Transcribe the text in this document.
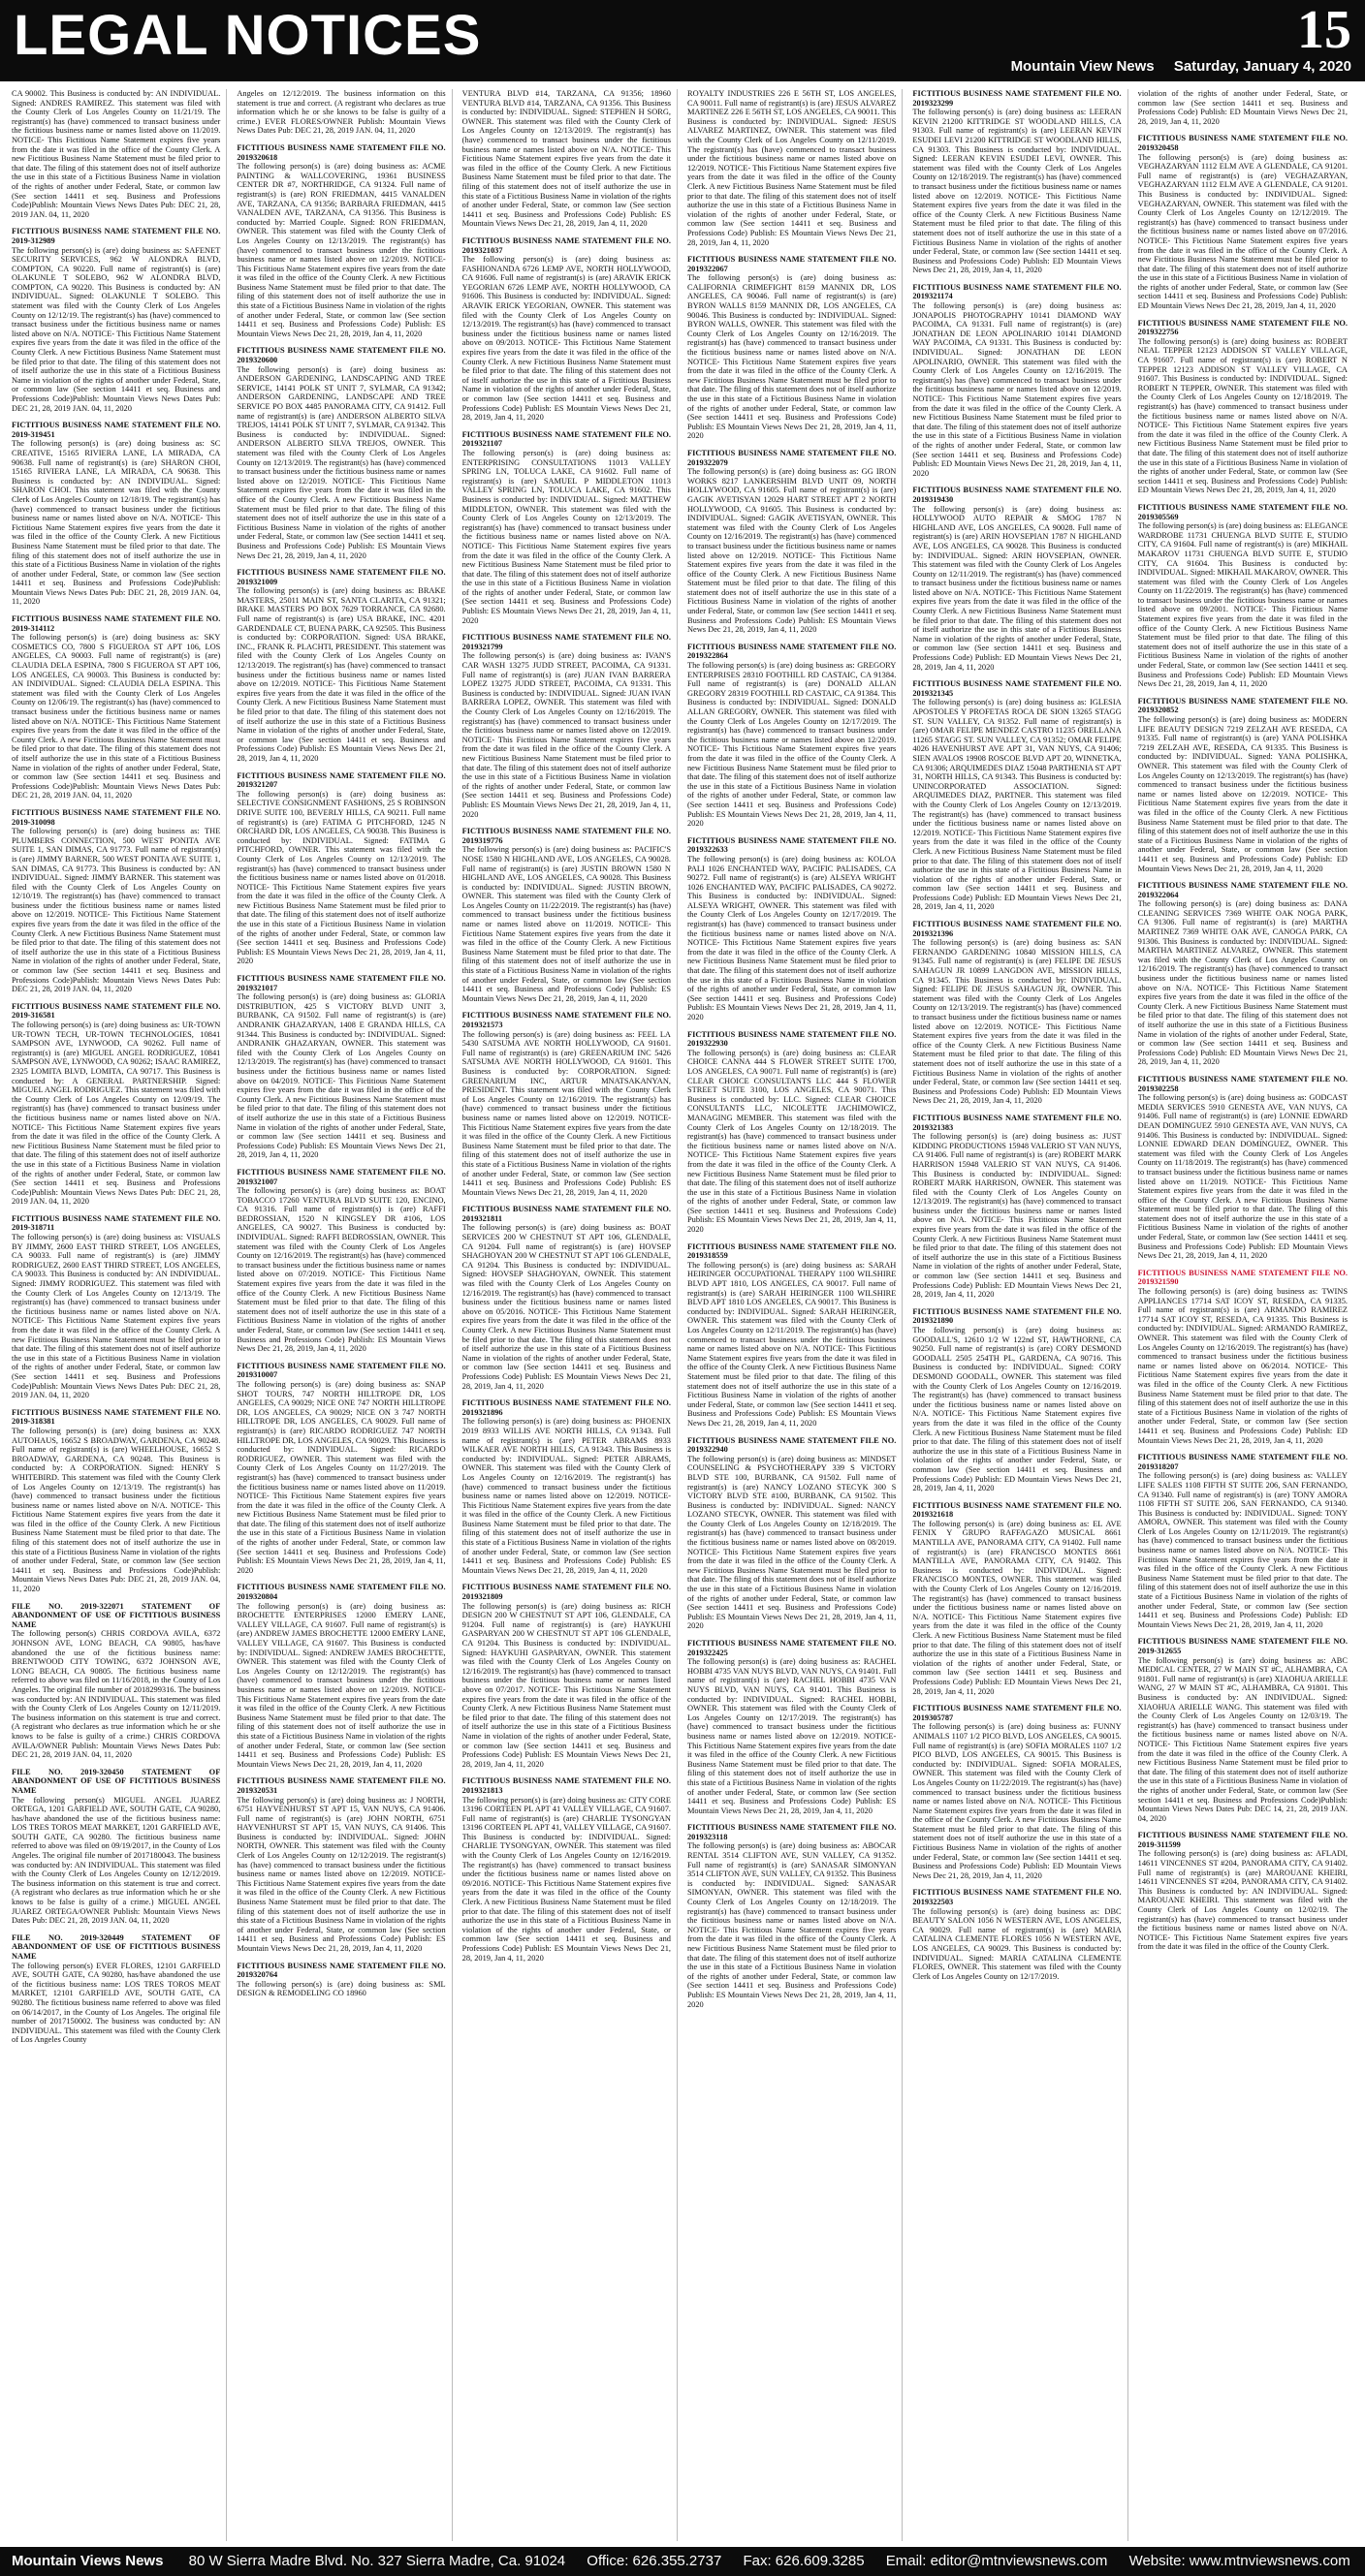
LEGAL NOTICES	15
Mountain View News Saturday, January 4, 2020
CA 90002. This Business is conducted by: AN INDIVIDUAL. Signed: ANDRES RAMIREZ. This statement was filed with the County Clerk of Los Angeles County on 11/21/19. The registrant(s) has (have) commenced to transact business under the fictitious business name or names listed above on 11/2019. NOTICE- This Fictitious Name Statement expires five years from the date it was filed in the office of the County Clerk. A new Fictitious Business Name Statement must be filed prior to that date. The filing of this statement does not of itself authorize the use in this state of a Fictitious Business Name in violation of the rights of another under Federal, State, or common law (See section 14411 et seq. Business and Professions Code)Publish: Mountain Views News Dates Pub: DEC 21, 28, 2019 JAN. 04, 11, 2020
FICTITIOUS BUSINESS NAME STATEMENT FILE NO. 2019-312989
The following person(s) is (are) doing business as: SAFENET SECURITY SERVICES, 962 W ALONDRA BLVD, COMPTON, CA 90220. Full name of registrant(s) is (are) OLAKUNLE T SOLEBO, 962 W ALONDRA BLVD, COMPTON, CA 90220. This Business is conducted by: AN INDIVIDUAL. Signed: OLAKUNLE T SOLEBO. This statement was filed with the County Clerk of Los Angeles County on 12/12/19. The registrant(s) has (have) commenced to transact business under the fictitious business name or names listed above on N/A. NOTICE- This Fictitious Name Statement expires five years from the date it was filed in the office of the County Clerk. A new Fictitious Business Name Statement must be filed prior to that date. The filing of this statement does not of itself authorize the use in this state of a Fictitious Business Name in violation of the rights of another under Federal, State, or common law (See section 14411 et seq. Business and Professions Code)Publish: Mountain Views News Dates Pub: DEC 21, 28, 2019 JAN. 04, 11, 2020
FICTITIOUS BUSINESS NAME STATEMENT FILE NO. 2019-319451
The following person(s) is (are) doing business as: SC CREATIVE, 15165 RIVIERA LANE, LA MIRADA, CA 90638. Full name of registrant(s) is (are) SHARON CHOI, 15165 RIVIERA LANE, LA MIRADA, CA 90638. This Business is conducted by: AN INDIVIDUAL. Signed: SHARON CHOI. This statement was filed with the County Clerk of Los Angeles County on 12/18/19. The registrant(s) has (have) commenced to transact business under the fictitious business name or names listed above on N/A. NOTICE- This Fictitious Name Statement expires five years from the date it was filed in the office of the County Clerk. A new Fictitious Business Name Statement must be filed prior to that date. The filing of this statement does not of itself authorize the use in this state of a Fictitious Business Name in violation of the rights of another under Federal, State, or common law (See section 14411 et seq. Business and Professions Code)Publish: Mountain Views News Dates Pub: DEC 21, 28, 2019 JAN. 04, 11, 2020
FICTITIOUS BUSINESS NAME STATEMENT FILE NO. 2019-314112
The following person(s) is (are) doing business as: SKY COSMETICS CO, 7800 S FIGUEROA ST APT 106, LOS ANGELES, CA 90003. Full name of registrant(s) is (are) CLAUDIA DELA ESPINA, 7800 S FIGUEROA ST APT 106, LOS ANGELES, CA 90003. This Business is conducted by: AN INDIVIDUAL. Signed: CLAUDIA DELA ESPINA. This statement was filed with the County Clerk of Los Angeles County on 12/06/19. The registrant(s) has (have) commenced to transact business under the fictitious business name or names listed above on N/A. NOTICE- This Fictitious Name Statement expires five years from the date it was filed in the office of the County Clerk. A new Fictitious Business Name Statement must be filed prior to that date. The filing of this statement does not of itself authorize the use in this state of a Fictitious Business Name in violation of the rights of another under Federal, State, or common law (See section 14411 et seq. Business and Professions Code)Publish: Mountain Views News Dates Pub: DEC 21, 28, 2019 JAN. 04, 11, 2020
FICTITIOUS BUSINESS NAME STATEMENT FILE NO. 2019-310098
The following person(s) is (are) doing business as: THE PLUMBERS CONNECTION, 500 WEST PONITA AVE SUITE 1, SAN DIMAS, CA 91773. Full name of registrant(s) is (are) JIMMY BARNER, 500 WEST PONITA AVE SUITE 1, SAN DIMAS, CA 91773. This Business is conducted by: AN INDIVIDUAL. Signed: JIMMY BARNER. This statement was filed with the County Clerk of Los Angeles County on 12/10/19. The registrant(s) has (have) commenced to transact business under the fictitious business name or names listed above on 12/2019. NOTICE- This Fictitious Name Statement expires five years from the date it was filed in the office of the County Clerk. A new Fictitious Business Name Statement must be filed prior to that date. The filing of this statement does not of itself authorize the use in this state of a Fictitious Business Name in violation of the rights of another under Federal, State, or common law (See section 14411 et seq. Business and Professions Code)Publish: Mountain Views News Dates Pub: DEC 21, 28, 2019 JAN. 04, 11, 2020
FICTITIOUS BUSINESS NAME STATEMENT FILE NO. 2019-316581
The following person(s) is (are) doing business as: UR-TOWN UR-TOWN TECH, UR-TOWN TECHNOLOGIES, 10841 SAMPSON AVE, LYNWOOD, CA 90262. Full name of registrant(s) is (are) MIGUEL ANGEL RODRIGUEZ, 10841 SAMPSON AVE, LYNWOOD, CA 90262; ISAAC RAMIREZ, 2325 LOMITA BLVD, LOMITA, CA 90717. This Business is conducted by: A GENERAL PARTNERSHIP. Signed: MIGUEL ANGEL RODRIGUEZ. This statement was filed with the County Clerk of Los Angeles County on 12/09/19. The registrant(s) has (have) commenced to transact business under the fictitious business name or names listed above on N/A. NOTICE- This Fictitious Name Statement expires five years from the date it was filed in the office of the County Clerk. A new Fictitious Business Name Statement must be filed prior to that date. The filing of this statement does not of itself authorize the use in this state of a Fictitious Business Name in violation of the rights of another under Federal, State, or common law (See section 14411 et seq. Business and Professions Code)Publish: Mountain Views News Dates Pub: DEC 21, 28, 2019 JAN. 04, 11, 2020
FICTITIOUS BUSINESS NAME STATEMENT FILE NO. 2019-318711
The following person(s) is (are) doing business as: VISUALS BY JIMMY, 2600 EAST THIRD STREET, LOS ANGELES, CA 90033. Full name of registrant(s) is (are) JIMMY RODRIGUEZ, 2600 EAST THIRD STREET, LOS ANGELES, CA 90033. This Business is conducted by: AN INDIVIDUAL. Signed: JIMMY RODRIGUEZ. This statement was filed with the County Clerk of Los Angeles County on 12/13/19. The registrant(s) has (have) commenced to transact business under the fictitious business name or names listed above on N/A. NOTICE- This Fictitious Name Statement expires five years from the date it was filed in the office of the County Clerk. A new Fictitious Business Name Statement must be filed prior to that date. The filing of this statement does not of itself authorize the use in this state of a Fictitious Business Name in violation of the rights of another under Federal, State, or common law (See section 14411 et seq. Business and Professions Code)Publish: Mountain Views News Dates Pub: DEC 21, 28, 2019 JAN. 04, 11, 2020
FICTITIOUS BUSINESS NAME STATEMENT FILE NO. 2019-318381
The following person(s) is (are) doing business as: XXX AUTOHAUS, 16652 S BROADWAY, GARDENA, CA 90248. Full name of registrant(s) is (are) WHEELHOUSE, 16652 S BROADWAY, GARDENA, CA 90248. This Business is conducted by: A CORPORATION. Signed: HENRY S WHITEBIRD. This statement was filed with the County Clerk of Los Angeles County on 12/13/19. The registrant(s) has (have) commenced to transact business under the fictitious business name or names listed above on N/A. NOTICE- This Fictitious Name Statement expires five years from the date it was filed in the office of the County Clerk. A new Fictitious Business Name Statement must be filed prior to that date. The filing of this statement does not of itself authorize the use in this state of a Fictitious Business Name in violation of the rights of another under Federal, State, or common law (See section 14411 et seq. Business and Professions Code)Publish: Mountain Views News Dates Pub: DEC 21, 28, 2019 JAN. 04, 11, 2020
FILE NO. 2019-322071 STATEMENT OF ABANDONMENT OF USE OF FICTITIOUS BUSINESS NAME
The following person(s) CHRIS CORDOVA AVILA, 6372 JOHNSON AVE, LONG BEACH, CA 90805, has/have abandoned the use of the fictitious business name: BRENTWOOD CITY TOWING, 6372 JOHNSON AVE, LONG BEACH, CA 90805. The fictitious business name referred to above was filed on 11/16/2018, in the County of Los Angeles. The original file number of 2018299316. The business was conducted by: AN INDIVIDUAL. This statement was filed with the County Clerk of Los Angeles County on 12/11/2019. The business information on this statement is true and correct. (A registrant who declares as true information which he or she knows to be false is guilty of a crime.) CHRIS CORDOVA AVILA/OWNER Publish: Mountain Views News Dates Pub: DEC 21, 28, 2019 JAN. 04, 11, 2020
FILE NO. 2019-320450 STATEMENT OF ABANDONMENT OF USE OF FICTITIOUS BUSINESS NAME
The following person(s) MIGUEL ANGEL JUAREZ ORTEGA, 1201 GARFIELD AVE, SOUTH GATE, CA 90280, has/have abandoned the use of the fictitious business name: LOS TRES TOROS MEAT MARKET, 1201 GARFIELD AVE, SOUTH GATE, CA 90280. The fictitious business name referred to above was filed on 09/19/2017, in the County of Los Angeles. The original file number of 2017180043. The business was conducted by: AN INDIVIDUAL. This statement was filed with the County Clerk of Los Angeles County on 12/12/2019. The business information on this statement is true and correct. (A registrant who declares as true information which he or she knows to be false is guilty of a crime.) MIGUEL ANGEL JUAREZ ORTEGA/OWNER Publish: Mountain Views News Dates Pub: DEC 21, 28, 2019 JAN. 04, 11, 2020
FILE NO. 2019-320449 STATEMENT OF ABANDONMENT OF USE OF FICTITIOUS BUSINESS NAME
The following person(s) EVER FLORES, 12101 GARFIELD AVE, SOUTH GATE, CA 90280, has/have abandoned the use of the fictitious business name: LOS TRES TOROS MEAT MARKET, 12101 GARFIELD AVE, SOUTH GATE, CA 90280. The fictitious business name referred to above was filed on 06/14/2017, in the County of Los Angeles. The original file number of 2017150002. The business was conducted by: AN INDIVIDUAL. This statement was filed with the County Clerk of Los Angeles County
Angeles on 12/12/2019. The business information on this statement is true and correct. (A registrant who declares as true information which he or she knows to be false is guilty of a crime.) EVER FLORES/OWNER Publish: Mountain Views News Dates Pub: DEC 21, 28, 2019 JAN. 04, 11, 2020
FICTITIOUS BUSINESS NAME STATEMENT FILE NO. 2019320618
The following person(s) is (are) doing business as: ACME PAINTING & WALLCOVERING, 19361 BUSINESS CENTER DR #7, NORTHRIDGE, CA 91324. Full name of registrant(s) is (are) RON FRIEDMAN, 4415 VANALDEN AVE, TARZANA, CA 91356; BARBARA FRIEDMAN, 4415 VANALDEN AVE, TARZANA, CA 91356. This Business is conducted by: Married Couple. Signed: RON FRIEDMAN, OWNER. This statement was filed with the County Clerk of Los Angeles County on 12/13/2019. The registrant(s) has (have) commenced to transact business under the fictitious business name or names listed above on 12/2019. NOTICE- This Fictitious Name Statement expires five years from the date it was filed in the office of the County Clerk. A new Fictitious Business Name Statement must be filed prior to that date. The filing of this statement does not of itself authorize the use in this state of a Fictitious Business Name in violation of the rights of another under Federal, State, or common law (See section 14411 et seq. Business and Professions Code) Publish: ES Mountain Views News Dec 21, 28, 2019, Jan 4, 11, 2020
FICTITIOUS BUSINESS NAME STATEMENT FILE NO. 2019320600
The following person(s) is (are) doing business as: ANDERSON GARDENING, LANDSCAPING AND TREE SERVICE, 14141 POLK ST UNIT 7, SYLMAR, CA 91342; ANDERSON GARDENING, LANDSCAPE AND TREE SERVICE PO BOX 4485 PANORAMA CITY, CA 91412. Full name of registrant(s) is (are) ANDERSON ALBERTO SILVA TREJOS, 14141 POLK ST UNIT 7, SYLMAR, CA 91342. This Business is conducted by: INDIVIDUAL. Signed: ANDERSON ALBERTO SILVA TREJOS, OWNER. This statement was filed with the County Clerk of Los Angeles County on 12/13/2019. The registrant(s) has (have) commenced to transact business under the fictitious business name or names listed above on 12/2019. NOTICE- This Fictitious Name Statement expires five years from the date it was filed in the office of the County Clerk. A new Fictitious Business Name Statement must be filed prior to that date. The filing of this statement does not of itself authorize the use in this state of a Fictitious Business Name in violation of the rights of another under Federal, State, or common law (See section 14411 et seq. Business and Professions Code) Publish: ES Mountain Views News Dec 21, 28, 2019, Jan 4, 11, 2020
FICTITIOUS BUSINESS NAME STATEMENT FILE NO. 2019321009
The following person(s) is (are) doing business as: BRAKE MASTERS, 25011 MAIN ST, SANTA CLARITA, CA 91321; BRAKE MASTERS PO BOX 7629 TORRANCE, CA 92680. Full name of registrant(s) is (are) USA BRAKE, INC. 4201 GARDENDALE CT, BUENA PARK, CA 92505. This Business is conducted by: CORPORATION. Signed: USA BRAKE, INC., FRANK R. PLACHTI, PRESIDENT. This statement was filed with the County Clerk of Los Angeles County on 12/13/2019. The registrant(s) has (have) commenced to transact business under the fictitious business name or names listed above on 12/2019. NOTICE- This Fictitious Name Statement expires five years from the date it was filed in the office of the County Clerk. A new Fictitious Business Name Statement must be filed prior to that date. The filing of this statement does not of itself authorize the use in this state of a Fictitious Business Name in violation of the rights of another under Federal, State, or common law (See section 14411 et seq. Business and Professions Code) Publish: ES Mountain Views News Dec 21, 28, 2019, Jan 4, 11, 2020
FICTITIOUS BUSINESS NAME STATEMENT FILE NO. 2019321207
The following person(s) is (are) doing business as: SELECTIVE CONSIGNMENT FASHIONS, 25 S ROBINSON DRIVE SUITE 100, BEVERLY HILLS, CA 90211. Full name of registrant(s) is (are) FATIMA G PITCHFORD, 1245 N ORCHARD DR, LOS ANGELES, CA 90038. This Business is conducted by: INDIVIDUAL. Signed: FATIMA G PITCHFORD, OWNER. This statement was filed with the County Clerk of Los Angeles County on 12/13/2019. The registrant(s) has (have) commenced to transact business under the fictitious business name or names listed above on 01/2018. NOTICE- This Fictitious Name Statement expires five years from the date it was filed in the office of the County Clerk. A new Fictitious Business Name Statement must be filed prior to that date. The filing of this statement does not of itself authorize the use in this state of a Fictitious Business Name in violation of the rights of another under Federal, State, or common law (See section 14411 et seq. Business and Professions Code) Publish: ES Mountain Views News Dec 21, 28, 2019, Jan 4, 11, 2020
FICTITIOUS BUSINESS NAME STATEMENT FILE NO. 2019321017
The following person(s) is (are) doing business as: GLORIA DISTRIBUTION, 425 S VICTORY BLVD UNIT 3, BURBANK, CA 91502. Full name of registrant(s) is (are) ANDRANIK GHAZARYAN, 1408 E GRANDA HILLS, CA 91344. This Business is conducted by: INDIVIDUAL. Signed: ANDRANIK GHAZARYAN, OWNER. This statement was filed with the County Clerk of Los Angeles County on 12/13/2019. The registrant(s) has (have) commenced to transact business under the fictitious business name or names listed above on 04/2019. NOTICE- This Fictitious Name Statement expires five years from the date it was filed in the office of the County Clerk. A new Fictitious Business Name Statement must be filed prior to that date. The filing of this statement does not of itself authorize the use in this state of a Fictitious Business Name in violation of the rights of another under Federal, State, or common law (See section 14411 et seq. Business and Professions Code) Publish: ES Mountain Views News Dec 21, 28, 2019, Jan 4, 11, 2020
FICTITIOUS BUSINESS NAME STATEMENT FILE NO. 2019321007
The following person(s) is (are) doing business as: BOAT TOBACCO 17260 VENTURA BLVD SUITE 120, ENCINO, CA 91316. Full name of registrant(s) is (are) RAFFI BEDROSSIAN, 1520 N KINGSLEY DR #106, LOS ANGELES, CA 90027. This Business is conducted by: INDIVIDUAL. Signed: RAFFI BEDROSSIAN, OWNER. This statement was filed with the County Clerk of Los Angeles County on 12/16/2019. The registrant(s) has (have) commenced to transact business under the fictitious business name or names listed above on 07/2019. NOTICE- This Fictitious Name Statement expires five years from the date it was filed in the office of the County Clerk. A new Fictitious Business Name Statement must be filed prior to that date. The filing of this statement does not of itself authorize the use in this state of a Fictitious Business Name in violation of the rights of another under Federal, State, or common law (See section 14411 et seq. Business and Professions Code) Publish: ES Mountain Views News Dec 21, 28, 2019, Jan 4, 11, 2020
FICTITIOUS BUSINESS NAME STATEMENT FILE NO. 2019310007
The following person(s) is (are) doing business as: SNAP SHOT TOURS, 747 NORTH HILLTROPE DR, LOS ANGELES, CA 90029; NICE ONE 747 NORTH HILLTROPE DR, LOS ANGELES, CA 90029; NICE ON 3 747 NORTH HILLTROPE DR, LOS ANGELES, CA 90029. Full name of registrant(s) is (are) RICARDO RODRIGUEZ 747 NORTH HILLTROPE DR, LOS ANGELES, CA 90029. This Business is conducted by: INDIVIDUAL. Signed: RICARDO RODRIGUEZ, OWNER. This statement was filed with the County Clerk of Los Angeles County on 11/27/2019. The registrant(s) has (have) commenced to transact business under the fictitious business name or names listed above on 11/2019. NOTICE- This Fictitious Name Statement expires five years from the date it was filed in the office of the County Clerk. A new Fictitious Business Name Statement must be filed prior to that date. The filing of this statement does not of itself authorize the use in this state of a Fictitious Business Name in violation of the rights of another under Federal, State, or common law (See section 14411 et seq. Business and Professions Code) Publish: ES Mountain Views News Dec 21, 28, 2019, Jan 4, 11, 2020
FICTITIOUS BUSINESS NAME STATEMENT FILE NO. 2019320804
The following person(s) is (are) doing business as: BROCHETTE ENTERPRISES 12000 EMERY LANE, VALLEY VILLAGE, CA 91607. Full name of registrant(s) is (are) ANDREW JAMES BROCHETTE 12000 EMERY LANE, VALLEY VILLAGE, CA 91607. This Business is conducted by: INDIVIDUAL. Signed: ANDREW JAMES BROCHETTE, OWNER. This statement was filed with the County Clerk of Los Angeles County on 12/12/2019. The registrant(s) has (have) commenced to transact business under the fictitious business name or names listed above on 12/2019. NOTICE- This Fictitious Name Statement expires five years from the date it was filed in the office of the County Clerk. A new Fictitious Business Name Statement must be filed prior to that date. The filing of this statement does not of itself authorize the use in this state of a Fictitious Business Name in violation of the rights of another under Federal, State, or common law (See section 14411 et seq. Business and Professions Code) Publish: ES Mountain Views News Dec 21, 28, 2019, Jan 4, 11, 2020
FICTITIOUS BUSINESS NAME STATEMENT FILE NO. 2019320531
The following person(s) is (are) doing business as: J NORTH, 6751 HAYVENHURST ST APT 15, VAN NUYS, CA 91406. Full name of registrant(s) is (are) JOHN NORTH, 6751 HAYVENHURST ST APT 15, VAN NUYS, CA 91406. This Business is conducted by: INDIVIDUAL. Signed: JOHN NORTH, OWNER. This statement was filed with the County Clerk of Los Angeles County on 12/12/2019. The registrant(s) has (have) commenced to transact business under the fictitious business name or names listed above on 12/2019. NOTICE- This Fictitious Name Statement expires five years from the date it was filed in the office of the County Clerk. A new Fictitious Business Name Statement must be filed prior to that date. The filing of this statement does not of itself authorize the use in this state of a Fictitious Business Name in violation of the rights of another under Federal, State, or common law (See section 14411 et seq. Business and Professions Code) Publish: ES Mountain Views News Dec 21, 28, 2019, Jan 4, 11, 2020
FICTITIOUS BUSINESS NAME STATEMENT FILE NO. 2019320764
The following person(s) is (are) doing business as: SML DESIGN & REMODELING CO 18960
VENTURA BLVD #14, TARZANA, CA 91356; 18960 VENTURA BLVD #14, TARZANA, CA 91356. This Business is conducted by: INDIVIDUAL. Signed: STEPHEN H SORG, OWNER. This statement was filed with the County Clerk of Los Angeles County on 12/13/2019. The registrant(s) has (have) commenced to transact business under the fictitious business name or names listed above on N/A. NOTICE- This Fictitious Name Statement expires five years from the date it was filed in the office of the County Clerk. A new Fictitious Business Name Statement must be filed prior to that date. The filing of this statement does not of itself authorize the use in this state of a Fictitious Business Name in violation of the rights of another under Federal, State, or common law (See section 14411 et seq. Business and Professions Code) Publish: ES Mountain Views News Dec 21, 28, 2019, Jan 4, 11, 2020
FICTITIOUS BUSINESS NAME STATEMENT FILE NO. 2019321037
The following person(s) is (are) doing business as: FASHIONANDA 6726 LEMP AVE, NORTH HOLLYWOOD, CA 91606. Full name of registrant(s) is (are) ARAVIK ERICK YEGORIAN 6726 LEMP AVE, NORTH HOLLYWOOD, CA 91606. This Business is conducted by: INDIVIDUAL. Signed: ARAVIK ERICK YEGORIAN, OWNER. This statement was filed with the County Clerk of Los Angeles County on 12/13/2019. The registrant(s) has (have) commenced to transact business under the fictitious business name or names listed above on 09/2013. NOTICE- This Fictitious Name Statement expires five years from the date it was filed in the office of the County Clerk. A new Fictitious Business Name Statement must be filed prior to that date. The filing of this statement does not of itself authorize the use in this state of a Fictitious Business Name in violation of the rights of another under Federal, State, or common law (See section 14411 et seq. Business and Professions Code) Publish: ES Mountain Views News Dec 21, 28, 2019, Jan 4, 11, 2020
FICTITIOUS BUSINESS NAME STATEMENT FILE NO. 2019321107
The following person(s) is (are) doing business as: ENTERPRISING CONSULTATIONS 11013 VALLEY SPRING LN, TOLUCA LAKE, CA 91602. Full name of registrant(s) is (are) SAMUEL P MIDDLETON 11013 VALLEY SPRING LN, TOLUCA LAKE, CA 91602. This Business is conducted by: INDIVIDUAL. Signed: MATTHEW MIDDLETON, OWNER. This statement was filed with the County Clerk of Los Angeles County on 12/13/2019. The registrant(s) has (have) commenced to transact business under the fictitious business name or names listed above on N/A. NOTICE- This Fictitious Name Statement expires five years from the date it was filed in the office of the County Clerk. A new Fictitious Business Name Statement must be filed prior to that date. The filing of this statement does not of itself authorize the use in this state of a Fictitious Business Name in violation of the rights of another under Federal, State, or common law (See section 14411 et seq. Business and Professions Code) Publish: ES Mountain Views News Dec 21, 28, 2019, Jan 4, 11, 2020
FICTITIOUS BUSINESS NAME STATEMENT FILE NO. 2019321799
The following person(s) is (are) doing business as: IVAN'S CAR WASH 13275 JUDD STREET, PACOIMA, CA 91331. Full name of registrant(s) is (are) JUAN IVAN BARRERA LOPEZ 13275 JUDD STREET, PACOIMA, CA 91331. This Business is conducted by: INDIVIDUAL. Signed: JUAN IVAN BARRERA LOPEZ, OWNER. This statement was filed with the County Clerk of Los Angeles County on 12/16/2019. The registrant(s) has (have) commenced to transact business under the fictitious business name or names listed above on 12/2019. NOTICE- This Fictitious Name Statement expires five years from the date it was filed in the office of the County Clerk. A new Fictitious Business Name Statement must be filed prior to that date. The filing of this statement does not of itself authorize the use in this state of a Fictitious Business Name in violation of the rights of another under Federal, State, or common law (See section 14411 et seq. Business and Professions Code) Publish: ES Mountain Views News Dec 21, 28, 2019, Jan 4, 11, 2020
FICTITIOUS BUSINESS NAME STATEMENT FILE NO. 2019319776
The following person(s) is (are) doing business as: PACIFIC'S NOSE 1580 N HIGHLAND AVE, LOS ANGELES, CA 90028. Full name of registrant(s) is (are) JUSTIN BROWN 1580 N HIGHLAND AVE, LOS ANGELES, CA 90028. This Business is conducted by: INDIVIDUAL. Signed: JUSTIN BROWN, OWNER. This statement was filed with the County Clerk of Los Angeles County on 11/22/2019. The registrant(s) has (have) commenced to transact business under the fictitious business name or names listed above on 11/2019. NOTICE- This Fictitious Name Statement expires five years from the date it was filed in the office of the County Clerk. A new Fictitious Business Name Statement must be filed prior to that date. The filing of this statement does not of itself authorize the use in this state of a Fictitious Business Name in violation of the rights of another under Federal, State, or common law (See section 14411 et seq. Business and Professions Code) Publish: ES Mountain Views News Dec 21, 28, 2019, Jan 4, 11, 2020
FICTITIOUS BUSINESS NAME STATEMENT FILE NO. 2019321573
The following person(s) is (are) doing business as: FEEL LA 5430 SATSUMA AVE NORTH HOLLYWOOD, CA 91601. Full name of registrant(s) is (are) GREENARIUM INC 5426 SATSUMA AVE NORTH HOLLYWOOD, CA 91601. This Business is conducted by: CORPORATION. Signed: GREENARIUM INC, ARTUR MNATSAKANYAN, PRESIDENT. This statement was filed with the County Clerk of Los Angeles County on 12/16/2019. The registrant(s) has (have) commenced to transact business under the fictitious business name or names listed above on 12/2019. NOTICE- This Fictitious Name Statement expires five years from the date it was filed in the office of the County Clerk. A new Fictitious Business Name Statement must be filed prior to that date. The filing of this statement does not of itself authorize the use in this state of a Fictitious Business Name in violation of the rights of another under Federal, State, or common law (See section 14411 et seq. Business and Professions Code) Publish: ES Mountain Views News Dec 21, 28, 2019, Jan 4, 11, 2020
FICTITIOUS BUSINESS NAME STATEMENT FILE NO. 2019321811
The following person(s) is (are) doing business as: BOAT SERVICES 200 W CHESTNUT ST APT 106, GLENDALE, CA 91204. Full name of registrant(s) is (are) HOVSEP SHAGHOYAN 200 W CHESTNUT ST APT 106 GLENDALE, CA 91204. This Business is conducted by: INDIVIDUAL. Signed: HOVSEP SHAGHOYAN, OWNER. This statement was filed with the County Clerk of Los Angeles County on 12/16/2019. The registrant(s) has (have) commenced to transact business under the fictitious business name or names listed above on 05/2016. NOTICE- This Fictitious Name Statement expires five years from the date it was filed in the office of the County Clerk. A new Fictitious Business Name Statement must be filed prior to that date. The filing of this statement does not of itself authorize the use in this state of a Fictitious Business Name in violation of the rights of another under Federal, State, or common law (See section 14411 et seq. Business and Professions Code) Publish: ES Mountain Views News Dec 21, 28, 2019, Jan 4, 11, 2020
FICTITIOUS BUSINESS NAME STATEMENT FILE NO. 2019321896
The following person(s) is (are) doing business as: PHOENIX 2019 8933 WILLIS AVE NORTH HILLS, CA 91343. Full name of registrant(s) is (are) PETER ABRAMS 8933 WILKAER AVE NORTH HILLS, CA 91343. This Business is conducted by: INDIVIDUAL. Signed: PETER ABRAMS, OWNER. This statement was filed with the County Clerk of Los Angeles County on 12/16/2019. The registrant(s) has (have) commenced to transact business under the fictitious business name or names listed above on 12/2019. NOTICE- This Fictitious Name Statement expires five years from the date it was filed in the office of the County Clerk. A new Fictitious Business Name Statement must be filed prior to that date. The filing of this statement does not of itself authorize the use in this state of a Fictitious Business Name in violation of the rights of another under Federal, State, or common law (See section 14411 et seq. Business and Professions Code) Publish: ES Mountain Views News Dec 21, 28, 2019, Jan 4, 11, 2020
FICTITIOUS BUSINESS NAME STATEMENT FILE NO. 2019321809
The following person(s) is (are) doing business as: RICH DESIGN 200 W CHESTNUT ST APT 106, GLENDALE, CA 91204. Full name of registrant(s) is (are) HAYKUHI GASPARYAN 200 W CHESTNUT ST APT 106 GLENDALE, CA 91204. This Business is conducted by: INDIVIDUAL. Signed: HAYKUHI GASPARYAN, OWNER. This statement was filed with the County Clerk of Los Angeles County on 12/16/2019. The registrant(s) has (have) commenced to transact business under the fictitious business name or names listed above on 07/2017. NOTICE- This Fictitious Name Statement expires five years from the date it was filed in the office of the County Clerk. A new Fictitious Business Name Statement must be filed prior to that date. The filing of this statement does not of itself authorize the use in this state of a Fictitious Business Name in violation of the rights of another under Federal, State, or common law (See section 14411 et seq. Business and Professions Code) Publish: ES Mountain Views News Dec 21, 28, 2019, Jan 4, 11, 2020
FICTITIOUS BUSINESS NAME STATEMENT FILE NO. 2019321813
The following person(s) is (are) doing business as: CITY CORE 13196 CORTEEN PL APT 41 VALLEY VILLAGE, CA 91607. Full name of registrant(s) is (are) CHARLIE TYSONGYAN 13196 CORTEEN PL APT 41, VALLEY VILLAGE, CA 91607. This Business is conducted by: INDIVIDUAL. Signed: CHARLIE TYSONGYAN, OWNER. This statement was filed with the County Clerk of Los Angeles County on 12/16/2019. The registrant(s) has (have) commenced to transact business under the fictitious business name or names listed above on 09/2016. NOTICE- This Fictitious Name Statement expires five years from the date it was filed in the office of the County Clerk. A new Fictitious Business Name Statement must be filed prior to that date. The filing of this statement does not of itself authorize the use in this state of a Fictitious Business Name in violation of the rights of another under Federal, State, or common law (See section 14411 et seq. Business and Professions Code) Publish: ES Mountain Views News Dec 21, 28, 2019, Jan 4, 11, 2020
ROYALTY INDUSTRIES 226 E 56TH ST, LOS ANGELES, CA 90011. Full name of registrant(s) is (are) JESUS ALVAREZ MARTINEZ 226 E 56TH ST, LOS ANGELES, CA 90011. This Business is conducted by: INDIVIDUAL. Signed: JESUS ALVAREZ MARTINEZ, OWNER. This statement was filed with the County Clerk of Los Angeles County on 12/11/2019. The registrant(s) has (have) commenced to transact business under the fictitious business name or names listed above on 12/2019. NOTICE- This Fictitious Name Statement expires five years from the date it was filed in the office of the County Clerk. A new Fictitious Business Name Statement must be filed prior to that date. The filing of this statement does not of itself authorize the use in this state of a Fictitious Business Name in violation of the rights of another under Federal, State, or common law (See section 14411 et seq. Business and Professions Code) Publish: ES Mountain Views News Dec 21, 28, 2019, Jan 4, 11, 2020
FICTITIOUS BUSINESS NAME STATEMENT FILE NO. 2019322067
The following person(s) is (are) doing business as: CALIFORNIA CRIMEFIGHT 8159 MANNIX DR, LOS ANGELES, CA 90046. Full name of registrant(s) is (are) BYRON WALLS 8159 MANNIX DR, LOS ANGELES, CA 90046. This Business is conducted by: INDIVIDUAL. Signed: BYRON WALLS, OWNER. This statement was filed with the County Clerk of Los Angeles County on 12/16/2019. The registrant(s) has (have) commenced to transact business under the fictitious business name or names listed above on N/A. NOTICE- This Fictitious Name Statement expires five years from the date it was filed in the office of the County Clerk. A new Fictitious Business Name Statement must be filed prior to that date. The filing of this statement does not of itself authorize the use in this state of a Fictitious Business Name in violation of the rights of another under Federal, State, or common law (See section 14411 et seq. Business and Professions Code) Publish: ES Mountain Views News Dec 21, 28, 2019, Jan 4, 11, 2020
FICTITIOUS BUSINESS NAME STATEMENT FILE NO. 2019322079
The following person(s) is (are) doing business as: GG IRON WORKS 8217 LANKERSHIM BLVD UNIT 09, NORTH HOLLYWOOD, CA 91605. Full name of registrant(s) is (are) GAGIK AVETISYAN 12029 HART STREET APT 2 NORTH HOLLYWOOD, CA 91605. This Business is conducted by: INDIVIDUAL. Signed: GAGIK AVETISYAN, OWNER. This statement was filed with the County Clerk of Los Angeles County on 12/16/2019. The registrant(s) has (have) commenced to transact business under the fictitious business name or names listed above on 12/2019. NOTICE- This Fictitious Name Statement expires five years from the date it was filed in the office of the County Clerk. A new Fictitious Business Name Statement must be filed prior to that date. The filing of this statement does not of itself authorize the use in this state of a Fictitious Business Name in violation of the rights of another under Federal, State, or common law (See section 14411 et seq. Business and Professions Code) Publish: ES Mountain Views News Dec 21, 28, 2019, Jan 4, 11, 2020
FICTITIOUS BUSINESS NAME STATEMENT FILE NO. 2019322864
The following person(s) is (are) doing business as: GREGORY ENTERPRISES 28310 FOOTHILL RD CASTAIC, CA 91384. Full name of registrant(s) is (are) DONALD ALLAN GREGORY 28319 FOOTHILL RD CASTAIC, CA 91384. This Business is conducted by: INDIVIDUAL. Signed: DONALD ALLAN GREGORY, OWNER. This statement was filed with the County Clerk of Los Angeles County on 12/17/2019. The registrant(s) has (have) commenced to transact business under the fictitious business name or names listed above on 12/2019. NOTICE- This Fictitious Name Statement expires five years from the date it was filed in the office of the County Clerk. A new Fictitious Business Name Statement must be filed prior to that date. The filing of this statement does not of itself authorize the use in this state of a Fictitious Business Name in violation of the rights of another under Federal, State, or common law (See section 14411 et seq. Business and Professions Code) Publish: ES Mountain Views News Dec 21, 28, 2019, Jan 4, 11, 2020
FICTITIOUS BUSINESS NAME STATEMENT FILE NO. 2019322633
The following person(s) is (are) doing business as: KOLOA PALI 1026 ENCHANTED WAY, PACIFIC PALISADES, CA 90272. Full name of registrant(s) is (are) ALSEYA WRIGHT 1026 ENCHANTED WAY, PACIFIC PALISADES, CA 90272. This Business is conducted by: INDIVIDUAL. Signed: ALSEYA WRIGHT, OWNER. This statement was filed with the County Clerk of Los Angeles County on 12/17/2019. The registrant(s) has (have) commenced to transact business under the fictitious business name or names listed above on N/A. NOTICE- This Fictitious Name Statement expires five years from the date it was filed in the office of the County Clerk. A new Fictitious Business Name Statement must be filed prior to that date. The filing of this statement does not of itself authorize the use in this state of a Fictitious Business Name in violation of the rights of another under Federal, State, or common law (See section 14411 et seq. Business and Professions Code) Publish: ES Mountain Views News Dec 21, 28, 2019, Jan 4, 11, 2020
FICTITIOUS BUSINESS NAME STATEMENT FILE NO. 2019322930
The following person(s) is (are) doing business as: CLEAR CHOICE CANNA 444 S FLOWER STREET SUITE 1700, LOS ANGELES, CA 90071. Full name of registrant(s) is (are) CLEAR CHOICE CONSULTANTS LLC 444 S FLOWER STREET SUITE 3100, LOS ANGELES, CA 90071. This Business is conducted by: LLC. Signed: CLEAR CHOICE CONSULTANTS LLC, NICOLETTE JACHIMOWICZ, MANAGING MEMBER. This statement was filed with the County Clerk of Los Angeles County on 12/18/2019. The registrant(s) has (have) commenced to transact business under the fictitious business name or names listed above on N/A. NOTICE- This Fictitious Name Statement expires five years from the date it was filed in the office of the County Clerk. A new Fictitious Business Name Statement must be filed prior to that date. The filing of this statement does not of itself authorize the use in this state of a Fictitious Business Name in violation of the rights of another under Federal, State, or common law (See section 14411 et seq. Business and Professions Code) Publish: ES Mountain Views News Dec 21, 28, 2019, Jan 4, 11, 2020
FICTITIOUS BUSINESS NAME STATEMENT FILE NO. 2019318559
The following person(s) is (are) doing business as: SARAH HEIRINGER OCCUPATIONAL THERAPY 1100 WILSHIRE BLVD APT 1810, LOS ANGELES, CA 90017. Full name of registrant(s) is (are) SARAH HEIRINGER 1100 WILSHIRE BLVD APT 1810 LOS ANGELES, CA 90017. This Business is conducted by: INDIVIDUAL. Signed: SARAH HEIRINGER, OWNER. This statement was filed with the County Clerk of Los Angeles County on 12/11/2019. The registrant(s) has (have) commenced to transact business under the fictitious business name or names listed above on N/A. NOTICE- This Fictitious Name Statement expires five years from the date it was filed in the office of the County Clerk. A new Fictitious Business Name Statement must be filed prior to that date. The filing of this statement does not of itself authorize the use in this state of a Fictitious Business Name in violation of the rights of another under Federal, State, or common law (See section 14411 et seq. Business and Professions Code) Publish: ES Mountain Views News Dec 21, 28, 2019, Jan 4, 11, 2020
FICTITIOUS BUSINESS NAME STATEMENT FILE NO. 2019322940
The following person(s) is (are) doing business as: MINDSET COUNSELING & PSYCHOTHERAPY 339 S VICTORY BLVD STE 100, BURBANK, CA 91502. Full name of registrant(s) is (are) NANCY LOZANO STECYK 300 S VICTORY BLVD STE #100, BURBANK, CA 91502. This Business is conducted by: INDIVIDUAL. Signed: NANCY LOZANO STECYK, OWNER. This statement was filed with the County Clerk of Los Angeles County on 12/18/2019. The registrant(s) has (have) commenced to transact business under the fictitious business name or names listed above on 08/2019. NOTICE- This Fictitious Name Statement expires five years from the date it was filed in the office of the County Clerk. A new Fictitious Business Name Statement must be filed prior to that date. The filing of this statement does not of itself authorize the use in this state of a Fictitious Business Name in violation of the rights of another under Federal, State, or common law (See section 14411 et seq. Business and Professions Code) Publish: ES Mountain Views News Dec 21, 28, 2019, Jan 4, 11, 2020
FICTITIOUS BUSINESS NAME STATEMENT FILE NO. 2019322425
The following person(s) is (are) doing business as: RACHEL HOBBI 4735 VAN NUYS BLVD, VAN NUYS, CA 91401. Full name of registrant(s) is (are) RACHEL HOBBI 4735 VAN NUYS BLVD, VAN NUYS, CA 91401. This Business is conducted by: INDIVIDUAL. Signed: RACHEL HOBBI, OWNER. This statement was filed with the County Clerk of Los Angeles County on 12/17/2019. The registrant(s) has (have) commenced to transact business under the fictitious business name or names listed above on 12/2019. NOTICE- This Fictitious Name Statement expires five years from the date it was filed in the office of the County Clerk. A new Fictitious Business Name Statement must be filed prior to that date. The filing of this statement does not of itself authorize the use in this state of a Fictitious Business Name in violation of the rights of another under Federal, State, or common law (See section 14411 et seq. Business and Professions Code) Publish: ES Mountain Views News Dec 21, 28, 2019, Jan 4, 11, 2020
FICTITIOUS BUSINESS NAME STATEMENT FILE NO. 2019323118
The following person(s) is (are) doing business as: ABOCAR RENTAL 3514 CLIFTON AVE, SUN VALLEY, CA 91352. Full name of registrant(s) is (are) SANASAR SIMONYAN 3514 CLIFTON AVE, SUN VALLEY, CA 91352. This Business is conducted by: INDIVIDUAL. Signed: SANASAR SIMONYAN, OWNER. This statement was filed with the County Clerk of Los Angeles County on 12/18/2019. The registrant(s) has (have) commenced to transact business under the fictitious business name or names listed above on N/A. NOTICE- This Fictitious Name Statement expires five years from the date it was filed in the office of the County Clerk. A new Fictitious Business Name Statement must be filed prior to that date. The filing of this statement does not of itself authorize the use in this state of a Fictitious Business Name in violation of the rights of another under Federal, State, or common law (See section 14411 et seq. Business and Professions Code) Publish: ES Mountain Views News Dec 21, 28, 2019, Jan 4, 11, 2020
FICTITIOUS BUSINESS NAME STATEMENT FILE NO. 2019323299
The following person(s) is (are) doing business as: LEERAN KEVIN 21200 KITTRIDGE ST WOODLAND HILLS, CA 91303. Full name of registrant(s) is (are) LEERAN KEVIN ESUDEI LEVI 21200 KITTRIDGE ST WOODLAND HILLS, CA 91303. This Business is conducted by: INDIVIDUAL. Signed: LEERAN KEVIN ESUDEI LEVI, OWNER. This statement was filed with the County Clerk of Los Angeles County on 12/18/2019. The registrant(s) has (have) commenced to transact business under the fictitious business name or names listed above on 12/2019. NOTICE- This Fictitious Name Statement expires five years from the date it was filed in the office of the County Clerk. A new Fictitious Business Name Statement must be filed prior to that date. The filing of this statement does not of itself authorize the use in this state of a Fictitious Business Name in violation of the rights of another under Federal, State, or common law (See section 14411 et seq. Business and Professions Code) Publish: ED Mountain Views News Dec 21, 28, 2019, Jan 4, 11, 2020
FICTITIOUS BUSINESS NAME STATEMENT FILE NO. 2019321174
The following person(s) is (are) doing business as: JONAPOLIS PHOTOGRAPHY 10141 DIAMOND WAY PACOIMA, CA 91331. Full name of registrant(s) is (are) JONATHAN DE LEON APOLINARIO 10141 DIAMOND WAY PACOIMA, CA 91331. This Business is conducted by: INDIVIDUAL. Signed: JONATHAN DE LEON APOLINARIO, OWNER. This statement was filed with the County Clerk of Los Angeles County on 12/16/2019. The registrant(s) has (have) commenced to transact business under the fictitious business name or names listed above on 12/2019. NOTICE- This Fictitious Name Statement expires five years from the date it was filed in the office of the County Clerk. A new Fictitious Business Name Statement must be filed prior to that date. The filing of this statement does not of itself authorize the use in this state of a Fictitious Business Name in violation of the rights of another under Federal, State, or common law (See section 14411 et seq. Business and Professions Code) Publish: ED Mountain Views News Dec 21, 28, 2019, Jan 4, 11, 2020
FICTITIOUS BUSINESS NAME STATEMENT FILE NO. 2019319430
The following person(s) is (are) doing business as: HOLLYWOOD AUTO REPAIR & SMOG 1787 N HIGHLAND AVE, LOS ANGELES, CA 90028. Full name of registrant(s) is (are) ARIN HOVSEPIAN 1787 N HIGHLAND AVE, LOS ANGELES, CA 90028. This Business is conducted by: INDIVIDUAL. Signed: ARIN HOVSEPIAN, OWNER. This statement was filed with the County Clerk of Los Angeles County on 12/11/2019. The registrant(s) has (have) commenced to transact business under the fictitious business name or names listed above on N/A. NOTICE- This Fictitious Name Statement expires five years from the date it was filed in the office of the County Clerk. A new Fictitious Business Name Statement must be filed prior to that date. The filing of this statement does not of itself authorize the use in this state of a Fictitious Business Name in violation of the rights of another under Federal, State, or common law (See section 14411 et seq. Business and Professions Code) Publish: ED Mountain Views News Dec 21, 28, 2019, Jan 4, 11, 2020
FICTITIOUS BUSINESS NAME STATEMENT FILE NO. 2019321345
The following person(s) is (are) doing business as: IGLESIA APOSTOLES Y PROFETAS ROCA DE SION 13265 STAGG ST. SUN VALLEY, CA 91352. Full name of registrant(s) is (are) OMAR FELIPE MENDEZ CASTRO 11235 ORELLANA 11265 STAGG ST. SUN VALLEY, CA 91352; OMAR FELIPE 4026 HAVENHURST AVE APT 31, VAN NUYS, CA 91406; SIEN AVALOS 19908 ROSCOE BLVD APT 20, WINNETKA, CA 91306; ARQUIMEDES DIAZ 15048 PARTHENIA ST APT 31, NORTH HILLS, CA 91343. This Business is conducted by: UNINCORPORATED ASSOCIATION. Signed: ARQUIMEDES DIAZ, PARTNER. This statement was filed with the County Clerk of Los Angeles County on 12/13/2019. The registrant(s) has (have) commenced to transact business under the fictitious business name or names listed above on 12/2019. NOTICE- This Fictitious Name Statement expires five years from the date it was filed in the office of the County Clerk. A new Fictitious Business Name Statement must be filed prior to that date. The filing of this statement does not of itself authorize the use in this state of a Fictitious Business Name in violation of the rights of another under Federal, State, or common law (See section 14411 et seq. Business and Professions Code) Publish: ED Mountain Views News Dec 21, 28, 2019, Jan 4, 11, 2020
FICTITIOUS BUSINESS NAME STATEMENT FILE NO. 2019321396
The following person(s) is (are) doing business as: SAN FERNANDO GARDENING 10840 MISSION HILLS, CA 91345. Full name of registrant(s) is (are) FELIPE DE JESUS SAHAGUN JR 10899 LANGDON AVE, MISSION HILLS, CA 91345. This Business is conducted by: INDIVIDUAL. Signed: FELIPE DE JESUS SAHAGUN JR, OWNER. This statement was filed with the County Clerk of Los Angeles County on 12/13/2019. The registrant(s) has (have) commenced to transact business under the fictitious business name or names listed above on 12/2019. NOTICE- This Fictitious Name Statement expires five years from the date it was filed in the office of the County Clerk. A new Fictitious Business Name Statement must be filed prior to that date. The filing of this statement does not of itself authorize the use in this state of a Fictitious Business Name in violation of the rights of another under Federal, State, or common law (See section 14411 et seq. Business and Professions Code) Publish: ED Mountain Views News Dec 21, 28, 2019, Jan 4, 11, 2020
FICTITIOUS BUSINESS NAME STATEMENT FILE NO. 2019321383
The following person(s) is (are) doing business as: JUST KIDDING PRODUCTIONS 15948 VALERIO ST VAN NUYS, CA 91406. Full name of registrant(s) is (are) ROBERT MARK HARRISON 15948 VALERIO ST VAN NUYS, CA 91406. This Business is conducted by: INDIVIDUAL. Signed: ROBERT MARK HARRISON, OWNER. This statement was filed with the County Clerk of Los Angeles County on 12/13/2019. The registrant(s) has (have) commenced to transact business under the fictitious business name or names listed above on N/A. NOTICE- This Fictitious Name Statement expires five years from the date it was filed in the office of the County Clerk. A new Fictitious Business Name Statement must be filed prior to that date. The filing of this statement does not of itself authorize the use in this state of a Fictitious Business Name in violation of the rights of another under Federal, State, or common law (See section 14411 et seq. Business and Professions Code) Publish: ED Mountain Views News Dec 21, 28, 2019, Jan 4, 11, 2020
FICTITIOUS BUSINESS NAME STATEMENT FILE NO. 2019321890
The following person(s) is (are) doing business as: GOODALL'S, 12610 1/2 W 122nd ST, HAWTHORNE, CA 90250. Full name of registrant(s) is (are) CORY DESMOND GOODALL 2505 254TH PL, GARDENA, CA 90716. This Business is conducted by: INDIVIDUAL. Signed: CORY DESMOND GOODALL, OWNER. This statement was filed with the County Clerk of Los Angeles County on 12/16/2019. The registrant(s) has (have) commenced to transact business under the fictitious business name or names listed above on N/A. NOTICE- This Fictitious Name Statement expires five years from the date it was filed in the office of the County Clerk. A new Fictitious Business Name Statement must be filed prior to that date. The filing of this statement does not of itself authorize the use in this state of a Fictitious Business Name in violation of the rights of another under Federal, State, or common law (See section 14411 et seq. Business and Professions Code) Publish: ED Mountain Views News Dec 21, 28, 2019, Jan 4, 11, 2020
FICTITIOUS BUSINESS NAME STATEMENT FILE NO. 2019321618
The following person(s) is (are) doing business as: EL AVE FENIX Y GRUPO RAFFAGAZO MUSICAL 8661 MANTILLA AVE, PANORAMA CITY, CA 91402. Full name of registrant(s) is (are) FRANCISCO MONTES 8661 MANTILLA AVE, PANORAMA CITY, CA 91402. This Business is conducted by: INDIVIDUAL. Signed: FRANCISCO MONTES, OWNER. This statement was filed with the County Clerk of Los Angeles County on 12/16/2019. The registrant(s) has (have) commenced to transact business under the fictitious business name or names listed above on N/A. NOTICE- This Fictitious Name Statement expires five years from the date it was filed in the office of the County Clerk. A new Fictitious Business Name Statement must be filed prior to that date. The filing of this statement does not of itself authorize the use in this state of a Fictitious Business Name in violation of the rights of another under Federal, State, or common law (See section 14411 et seq. Business and Professions Code) Publish: ED Mountain Views News Dec 21, 28, 2019, Jan 4, 11, 2020
FICTITIOUS BUSINESS NAME STATEMENT FILE NO. 2019305787
The following person(s) is (are) doing business as: FUNNY ANIMALS 1107 1/2 PICO BLVD, LOS ANGELES, CA 90015. Full name of registrant(s) is (are) SOFIA MORALES 1107 1/2 PICO BLVD, LOS ANGELES, CA 90015. This Business is conducted by: INDIVIDUAL. Signed: SOFIA MORALES, OWNER. This statement was filed with the County Clerk of Los Angeles County on 11/22/2019. The registrant(s) has (have) commenced to transact business under the fictitious business name or names listed above on N/A. NOTICE- This Fictitious Name Statement expires five years from the date it was filed in the office of the County Clerk. A new Fictitious Business Name Statement must be filed prior to that date. The filing of this statement does not of itself authorize the use in this state of a Fictitious Business Name in violation of the rights of another under Federal, State, or common law (See section 14411 et seq. Business and Professions Code) Publish: ED Mountain Views News Dec 21, 28, 2019, Jan 4, 11, 2020
FICTITIOUS BUSINESS NAME STATEMENT FILE NO. 2019322503
The following person(s) is (are) doing business as: DBC BEAUTY SALON 1056 N WESTERN AVE, LOS ANGELES, CA 90029. Full name of registrant(s) is (are) MARIA CATALINA CLEMENTE FLORES 1056 N WESTERN AVE, LOS ANGELES, CA 90029. This Business is conducted by: INDIVIDUAL. Signed: MARIA CATALINA CLEMENTE FLORES, OWNER. This statement was filed with the County Clerk of Los Angeles County on 12/17/2019.
violation of the rights of another under Federal, State, or common law (See section 14411 et seq. Business and Professions Code) Publish: ED Mountain Views News Dec 21, 28, 2019, Jan 4, 11, 2020
FICTITIOUS BUSINESS NAME STATEMENT FILE NO. 2019320458
The following person(s) is (are) doing business as: VEGHAZARYAN 1112 ELM AVE A GLENDALE, CA 91201. Full name of registrant(s) is (are) VEGHAZARYAN, VEGHAZARYAN 1112 ELM AVE A GLENDALE, CA 91201. This Business is conducted by: INDIVIDUAL. Signed: VEGHAZARYAN, OWNER. This statement was filed with the County Clerk of Los Angeles County on 12/12/2019. The registrant(s) has (have) commenced to transact business under the fictitious business name or names listed above on 07/2016. NOTICE- This Fictitious Name Statement expires five years from the date it was filed in the office of the County Clerk. A new Fictitious Business Name Statement must be filed prior to that date. The filing of this statement does not of itself authorize the use in this state of a Fictitious Business Name in violation of the rights of another under Federal, State, or common law (See section 14411 et seq. Business and Professions Code) Publish: ED Mountain Views News Dec 21, 28, 2019, Jan 4, 11, 2020
FICTITIOUS BUSINESS NAME STATEMENT FILE NO. 2019322756
The following person(s) is (are) doing business as: ROBERT NEAL TEPPER 12123 ADDISON ST VALLEY VILLAGE, CA 91607. Full name of registrant(s) is (are) ROBERT N TEPPER 12123 ADDISON ST VALLEY VILLAGE, CA 91607. This Business is conducted by: INDIVIDUAL. Signed: ROBERT N TEPPER, OWNER. This statement was filed with the County Clerk of Los Angeles County on 12/18/2019. The registrant(s) has (have) commenced to transact business under the fictitious business name or names listed above on N/A. NOTICE- This Fictitious Name Statement expires five years from the date it was filed in the office of the County Clerk. A new Fictitious Business Name Statement must be filed prior to that date. The filing of this statement does not of itself authorize the use in this state of a Fictitious Business Name in violation of the rights of another under Federal, State, or common law (See section 14411 et seq. Business and Professions Code) Publish: ED Mountain Views News Dec 21, 28, 2019, Jan 4, 11, 2020
FICTITIOUS BUSINESS NAME STATEMENT FILE NO. 2019305569
The following person(s) is (are) doing business as: ELEGANCE WARDROBE 11731 CHUENGA BLVD SUITE E, STUDIO CITY, CA 91604. Full name of registrant(s) is (are) MIKHAIL MAKAROV 11731 CHUENGA BLVD SUITE E, STUDIO CITY, CA 91604. This Business is conducted by: INDIVIDUAL. Signed: MIKHAIL MAKAROV, OWNER. This statement was filed with the County Clerk of Los Angeles County on 11/22/2019. The registrant(s) has (have) commenced to transact business under the fictitious business name or names listed above on 09/2001. NOTICE- This Fictitious Name Statement expires five years from the date it was filed in the office of the County Clerk. A new Fictitious Business Name Statement must be filed prior to that date. The filing of this statement does not of itself authorize the use in this state of a Fictitious Business Name in violation of the rights of another under Federal, State, or common law (See section 14411 et seq. Business and Professions Code) Publish: ED Mountain Views News Dec 21, 28, 2019, Jan 4, 11, 2020
FICTITIOUS BUSINESS NAME STATEMENT FILE NO. 2019320852
The following person(s) is (are) doing business as: MODERN LIFE BEAUTY DESIGN 7219 ZELZAH AVE RESEDA, CA 91335. Full name of registrant(s) is (are) YANA POLISHKA 7219 ZELZAH AVE, RESEDA, CA 91335. This Business is conducted by: INDIVIDUAL. Signed: YANA POLISHKA, OWNER. This statement was filed with the County Clerk of Los Angeles County on 12/13/2019. The registrant(s) has (have) commenced to transact business under the fictitious business name or names listed above on 12/2019. NOTICE- This Fictitious Name Statement expires five years from the date it was filed in the office of the County Clerk. A new Fictitious Business Name Statement must be filed prior to that date. The filing of this statement does not of itself authorize the use in this state of a Fictitious Business Name in violation of the rights of another under Federal, State, or common law (See section 14411 et seq. Business and Professions Code) Publish: ED Mountain Views News Dec 21, 28, 2019, Jan 4, 11, 2020
FICTITIOUS BUSINESS NAME STATEMENT FILE NO. 2019322064
The following person(s) is (are) doing business as: DANA CLEANING SERVICES 7369 WHITE OAK NOGA PARK, CA 91306. Full name of registrant(s) is (are) MARTHA MARTINEZ 7369 WHITE OAK AVE, CANOGA PARK, CA 91306. This Business is conducted by: INDIVIDUAL. Signed: MARTHA MARTINEZ ALVAREZ, OWNER. This statement was filed with the County Clerk of Los Angeles County on 12/16/2019. The registrant(s) has (have) commenced to transact business under the fictitious business name or names listed above on N/A. NOTICE- This Fictitious Name Statement expires five years from the date it was filed in the office of the County Clerk. A new Fictitious Business Name Statement must be filed prior to that date. The filing of this statement does not of itself authorize the use in this state of a Fictitious Business Name in violation of the rights of another under Federal, State, or common law (See section 14411 et seq. Business and Professions Code) Publish: ED Mountain Views News Dec 21, 28, 2019, Jan 4, 11, 2020
FICTITIOUS BUSINESS NAME STATEMENT FILE NO. 2019302258
The following person(s) is (are) doing business as: GODCAST MEDIA SERVICES 5910 GENESTA AVE, VAN NUYS, CA 91406. Full name of registrant(s) is (are) LONNIE EDWARD DEAN DOMINGUEZ 5910 GENESTA AVE, VAN NUYS, CA 91406. This Business is conducted by: INDIVIDUAL. Signed: LONNIE EDWARD DEAN DOMINGUEZ, OWNER. This statement was filed with the County Clerk of Los Angeles County on 11/18/2019. The registrant(s) has (have) commenced to transact business under the fictitious business name or names listed above on 11/2019. NOTICE- This Fictitious Name Statement expires five years from the date it was filed in the office of the County Clerk. A new Fictitious Business Name Statement must be filed prior to that date. The filing of this statement does not of itself authorize the use in this state of a Fictitious Business Name in violation of the rights of another under Federal, State, or common law (See section 14411 et seq. Business and Professions Code) Publish: ED Mountain Views News Dec 21, 28, 2019, Jan 4, 11, 2020
FICTITIOUS BUSINESS NAME STATEMENT FILE NO. 2019321590
The following person(s) is (are) doing business as: TWINS APPLIANCES 17714 SAT ICOY ST, RESEDA, CA 91335. Full name of registrant(s) is (are) ARMANDO RAMIREZ 17714 SAT ICOY ST, RESEDA, CA 91335. This Business is conducted by: INDIVIDUAL. Signed: ARMANDO RAMIREZ, OWNER. This statement was filed with the County Clerk of Los Angeles County on 12/16/2019. The registrant(s) has (have) commenced to transact business under the fictitious business name or names listed above on 06/2014. NOTICE- This Fictitious Name Statement expires five years from the date it was filed in the office of the County Clerk. A new Fictitious Business Name Statement must be filed prior to that date. The filing of this statement does not of itself authorize the use in this state of a Fictitious Business Name in violation of the rights of another under Federal, State, or common law (See section 14411 et seq. Business and Professions Code) Publish: ED Mountain Views News Dec 21, 28, 2019, Jan 4, 11, 2020
FICTITIOUS BUSINESS NAME STATEMENT FILE NO. 2019318207
The following person(s) is (are) doing business as: VALLEY LIFE SALES 1108 FIFTH ST SUITE 206, SAN FERNANDO, CA 91340. Full name of registrant(s) is (are) TONY AMORA 1108 FIFTH ST SUITE 206, SAN FERNANDO, CA 91340. This Business is conducted by: INDIVIDUAL. Signed: TONY AMORA, OWNER. This statement was filed with the County Clerk of Los Angeles County on 12/11/2019. The registrant(s) has (have) commenced to transact business under the fictitious business name or names listed above on N/A. NOTICE- This Fictitious Name Statement expires five years from the date it was filed in the office of the County Clerk. A new Fictitious Business Name Statement must be filed prior to that date. The filing of this statement does not of itself authorize the use in this state of a Fictitious Business Name in violation of the rights of another under Federal, State, or common law (See section 14411 et seq. Business and Professions Code) Publish: ED Mountain Views News Dec 21, 28, 2019, Jan 4, 11, 2020
FICTITIOUS BUSINESS NAME STATEMENT FILE NO. 2019-312655
The following person(s) is (are) doing business as: ABC MEDICAL CENTER, 27 W MAIN ST #C, ALHAMBRA, CA 91801. Full name of registrant(s) is (are) XIAOHUA ARIELLE WANG, 27 W MAIN ST #C, ALHAMBRA, CA 91801. This Business is conducted by: AN INDIVIDUAL. Signed: XIAOHUA ARIELLE WANG. This statement was filed with the County Clerk of Los Angeles County on 12/03/19. The registrant(s) has (have) commenced to transact business under the fictitious business name or names listed above on N/A. NOTICE- This Fictitious Name Statement expires five years from the date it was filed in the office of the County Clerk. A new Fictitious Business Name Statement must be filed prior to that date. The filing of this statement does not of itself authorize the use in this state of a Fictitious Business Name in violation of the rights of another under Federal, State, or common law (See section 14411 et seq. Business and Professions Code)Publish: Mountain Views News Dates Pub: DEC 14, 21, 28, 2019 JAN. 04, 2020
FICTITIOUS BUSINESS NAME STATEMENT FILE NO. 2019-311599
The following person(s) is (are) doing business as: AFLADI, 14611 VINCENNES ST #204, PANORAMA CITY, CA 91402. Full name of registrant(s) is (are) MAROUANE KHEIRI, 14611 VINCENNES ST #204, PANORAMA CITY, CA 91402. This Business is conducted by: AN INDIVIDUAL. Signed: MAROUANE KHEIRI. This statement was filed with the County Clerk of Los Angeles County on 12/02/19. The registrant(s) has (have) commenced to transact business under the fictitious business name or names listed above on N/A. NOTICE- This Fictitious Name Statement expires five years from the date it was filed in the office of the County Clerk.
Mountain Views News 80 W Sierra Madre Blvd. No. 327 Sierra Madre, Ca. 91024 Office: 626.355.2737 Fax: 626.609.3285 Email: editor@mtnviewsnews.com Website: www.mtnviewsnews.com
